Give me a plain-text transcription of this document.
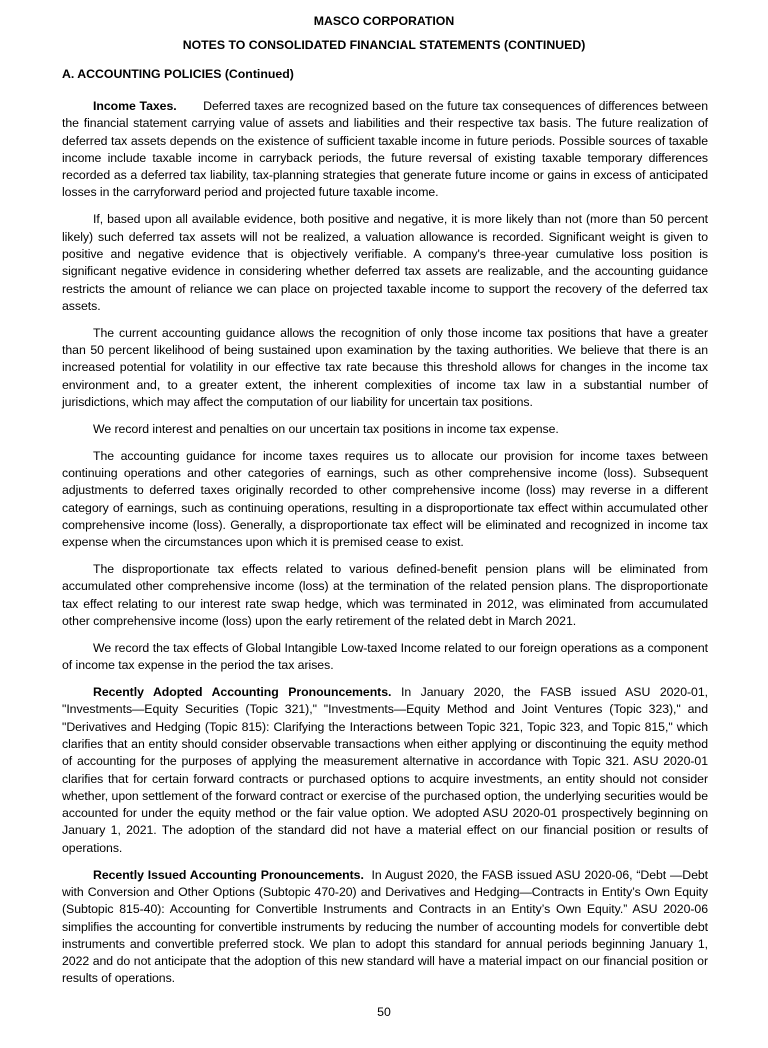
MASCO CORPORATION
NOTES TO CONSOLIDATED FINANCIAL STATEMENTS (CONTINUED)
A. ACCOUNTING POLICIES (Continued)

Income Taxes. Deferred taxes are recognized based on the future tax consequences of differences between the financial statement carrying value of assets and liabilities and their respective tax basis. The future realization of deferred tax assets depends on the existence of sufficient taxable income in future periods. Possible sources of taxable income include taxable income in carryback periods, the future reversal of existing taxable temporary differences recorded as a deferred tax liability, tax-planning strategies that generate future income or gains in excess of anticipated losses in the carryforward period and projected future taxable income.

If, based upon all available evidence, both positive and negative, it is more likely than not (more than 50 percent likely) such deferred tax assets will not be realized, a valuation allowance is recorded. Significant weight is given to positive and negative evidence that is objectively verifiable. A company's three-year cumulative loss position is significant negative evidence in considering whether deferred tax assets are realizable, and the accounting guidance restricts the amount of reliance we can place on projected taxable income to support the recovery of the deferred tax assets.

The current accounting guidance allows the recognition of only those income tax positions that have a greater than 50 percent likelihood of being sustained upon examination by the taxing authorities. We believe that there is an increased potential for volatility in our effective tax rate because this threshold allows for changes in the income tax environment and, to a greater extent, the inherent complexities of income tax law in a substantial number of jurisdictions, which may affect the computation of our liability for uncertain tax positions.

We record interest and penalties on our uncertain tax positions in income tax expense.

The accounting guidance for income taxes requires us to allocate our provision for income taxes between continuing operations and other categories of earnings, such as other comprehensive income (loss). Subsequent adjustments to deferred taxes originally recorded to other comprehensive income (loss) may reverse in a different category of earnings, such as continuing operations, resulting in a disproportionate tax effect within accumulated other comprehensive income (loss). Generally, a disproportionate tax effect will be eliminated and recognized in income tax expense when the circumstances upon which it is premised cease to exist.

The disproportionate tax effects related to various defined-benefit pension plans will be eliminated from accumulated other comprehensive income (loss) at the termination of the related pension plans. The disproportionate tax effect relating to our interest rate swap hedge, which was terminated in 2012, was eliminated from accumulated other comprehensive income (loss) upon the early retirement of the related debt in March 2021.

We record the tax effects of Global Intangible Low-taxed Income related to our foreign operations as a component of income tax expense in the period the tax arises.

Recently Adopted Accounting Pronouncements. In January 2020, the FASB issued ASU 2020-01, "Investments—Equity Securities (Topic 321)," "Investments—Equity Method and Joint Ventures (Topic 323)," and "Derivatives and Hedging (Topic 815): Clarifying the Interactions between Topic 321, Topic 323, and Topic 815," which clarifies that an entity should consider observable transactions when either applying or discontinuing the equity method of accounting for the purposes of applying the measurement alternative in accordance with Topic 321. ASU 2020-01 clarifies that for certain forward contracts or purchased options to acquire investments, an entity should not consider whether, upon settlement of the forward contract or exercise of the purchased option, the underlying securities would be accounted for under the equity method or the fair value option. We adopted ASU 2020-01 prospectively beginning on January 1, 2021. The adoption of the standard did not have a material effect on our financial position or results of operations.

Recently Issued Accounting Pronouncements. In August 2020, the FASB issued ASU 2020-06, “Debt —Debt with Conversion and Other Options (Subtopic 470-20) and Derivatives and Hedging—Contracts in Entity’s Own Equity (Subtopic 815-40): Accounting for Convertible Instruments and Contracts in an Entity’s Own Equity.” ASU 2020-06 simplifies the accounting for convertible instruments by reducing the number of accounting models for convertible debt instruments and convertible preferred stock. We plan to adopt this standard for annual periods beginning January 1, 2022 and do not anticipate that the adoption of this new standard will have a material impact on our financial position or results of operations.

50
